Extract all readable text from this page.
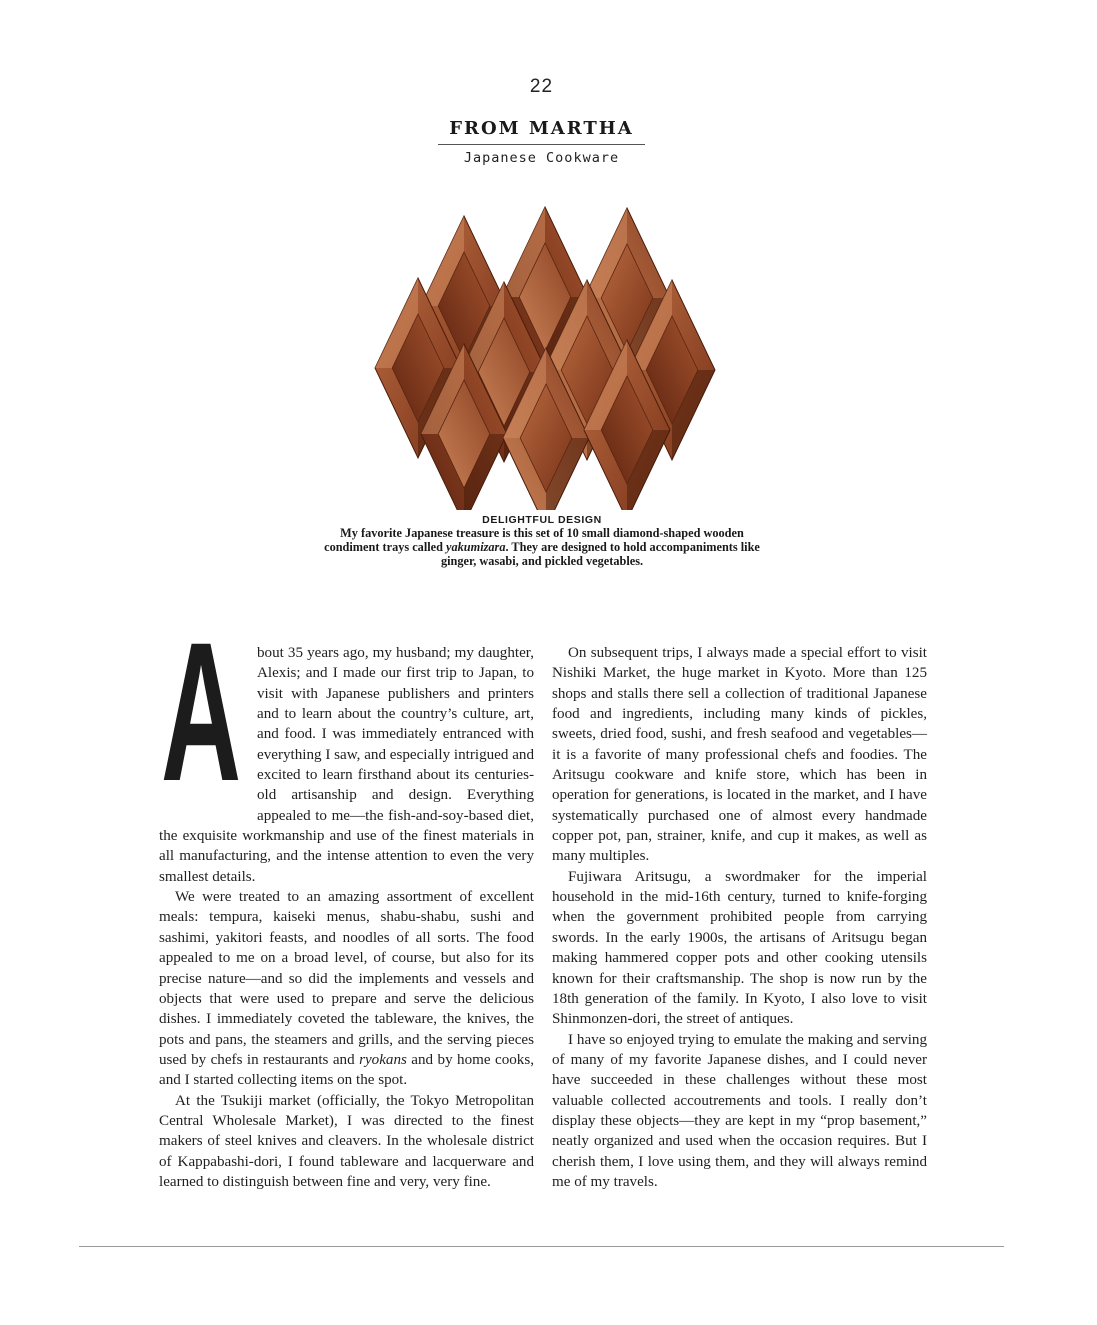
22
FROM MARTHA
Japanese Cookware
DELIGHTFUL DESIGN
My favorite Japanese treasure is this set of 10 small diamond-shaped wooden condiment trays called yakumizara. They are designed to hold accompaniments like ginger, wasabi, and pickled vegetables.
A	bout 35 years ago, my husband; my daughter, Alexis; and I made our first trip to Japan, to visit with Japanese publishers and printers and to learn about the country’s culture, art, and food. I was immediately entranced with everything I saw, and especially intrigued and excited to learn firsthand about its centuries-old artisanship and design. Everything appealed to me—the fish-and-soy-based diet, the exquisite workmanship and use of the finest materials in all manufacturing, and the intense attention to even the very smallest details.

We were treated to an amazing assortment of excellent meals: tempura, kaiseki menus, shabu-shabu, sushi and sashimi, yakitori feasts, and noodles of all sorts. The food appealed to me on a broad level, of course, but also for its precise nature—and so did the implements and vessels and objects that were used to prepare and serve the delicious dishes. I immediately coveted the tableware, the knives, the pots and pans, the steamers and grills, and the serving pieces used by chefs in restaurants and ryokans and by home cooks, and I started collecting items on the spot.

At the Tsukiji market (officially, the Tokyo Metropolitan Central Wholesale Market), I was directed to the finest makers of steel knives and cleavers. In the wholesale district of Kappabashi-dori, I found tableware and lacquerware and learned to distinguish between fine and very, very fine.

On subsequent trips, I always made a special effort to visit Nishiki Market, the huge market in Kyoto. More than 125 shops and stalls there sell a collection of traditional Japanese food and ingredients, including many kinds of pickles, sweets, dried food, sushi, and fresh seafood and vegetables—it is a favorite of many professional chefs and foodies. The Aritsugu cookware and knife store, which has been in operation for generations, is located in the market, and I have systematically purchased one of almost every handmade copper pot, pan, strainer, knife, and cup it makes, as well as many multiples.

Fujiwara Aritsugu, a swordmaker for the imperial household in the mid-16th century, turned to knife-forging when the government prohibited people from carrying swords. In the early 1900s, the artisans of Aritsugu began making hammered copper pots and other cooking utensils known for their craftsmanship. The shop is now run by the 18th generation of the family. In Kyoto, I also love to visit Shinmonzen-dori, the street of antiques.

I have so enjoyed trying to emulate the making and serving of many of my favorite Japanese dishes, and I could never have succeeded in these challenges without these most valuable collected accoutrements and tools. I really don’t display these objects—they are kept in my “prop basement,” neatly organized and used when the occasion requires. But I cherish them, I love using them, and they will always remind me of my travels.
